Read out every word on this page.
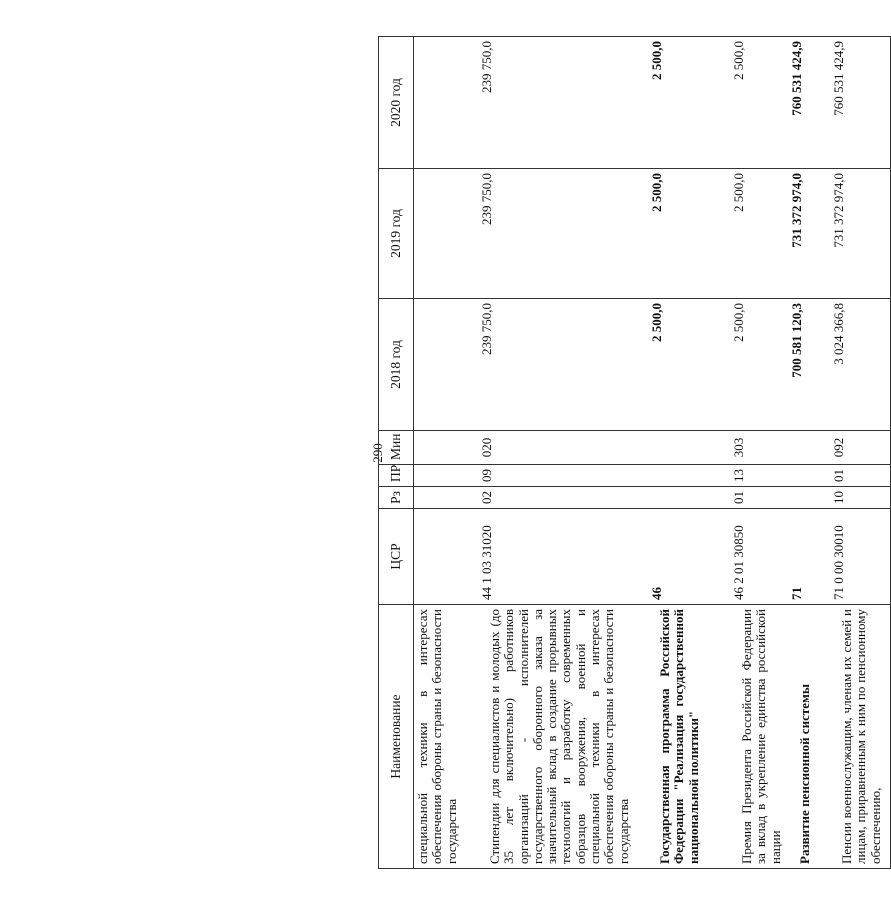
290
Наименование	ЦСР	Рз	ПР	Мин	2018 год	2019 год	2020 год
специальной техники в интересах обеспечения обороны страны и безопасности государства							
Стипендии для специалистов и молодых (до 35 лет включительно) работников организаций - исполнителей государственного оборонного заказа за значительный вклад в создание прорывных технологий и разработку современных образцов вооружения, военной и специальной техники в интересах обеспечения обороны страны и безопасности государства	44 1 03 31020	02	09	020	239 750,0	239 750,0	239 750,0
Государственная программа Российской Федерации "Реализация государственной национальной политики"	46				2 500,0	2 500,0	2 500,0
Премия Президента Российской Федерации за вклад в укрепление единства российской нации	46 2 01 30850	01	13	303	2 500,0	2 500,0	2 500,0
Развитие пенсионной системы	71				700 581 120,3	731 372 974,0	760 531 424,9
Пенсии военнослужащим, членам их семей и лицам, приравненным к ним по пенсионному обеспечению,	71 0 00 30010	10	01	092	3 024 366,8	731 372 974,0	760 531 424,9
